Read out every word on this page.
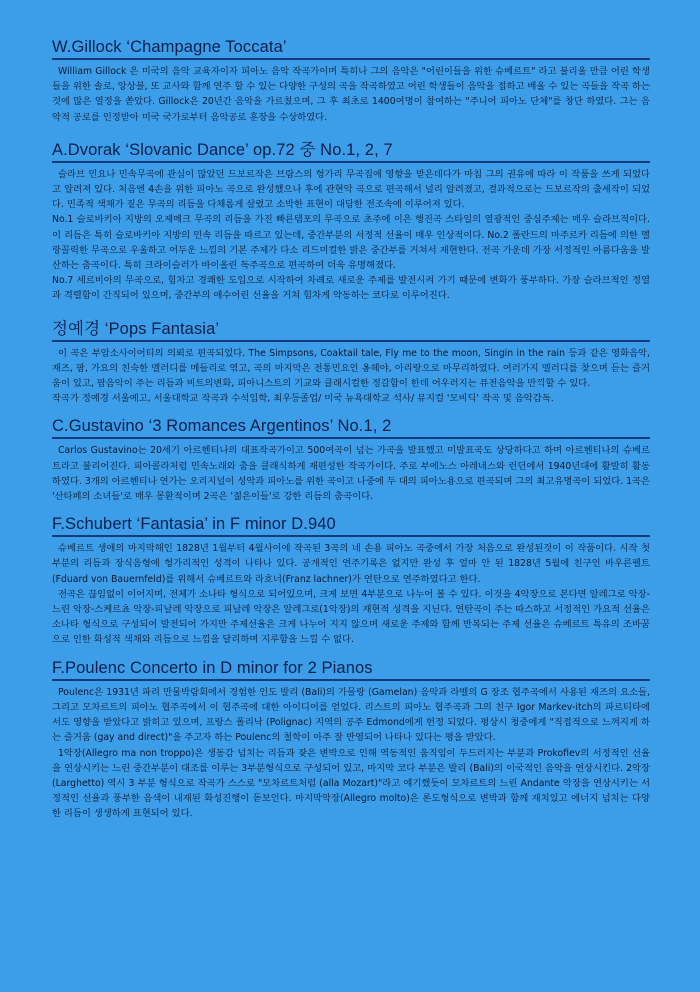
W.Gillock ‘Champagne Toccata’

William Gillock 은 미국의 음악 교육자이자 피아노 음악 작곡가이며 특히나 그의 음악은 "어린이들을 위한 슈베르트" 라고 불리울 만큼 어린 학생들을 위한 솔로, 앙상블, 또 교사와 함께 연주 할 수 있는 다양한 구성의 곡을 작곡하였고 어린 학생들이 음악을 접하고 배울 수 있는 곡들을 작곡 하는 것에 많은 열정을 쏟았다. Gillock은 20년간 음악을 가르쳤으며, 그 후 최초로 1400여명이 참여하는 "주니어 피아노 단체"를 창단 하였다. 그는 음악적 공로를 인정받아 미국 국가로부터 음악공로 훈장을 수상하였다.

A.Dvorak ‘Slovanic Dance’ op.72 중 No.1, 2, 7

슬라브 민요나 민속무곡에 관심이 많았던 드보르작은 브람스의 헝가리 무곡집에 영향을 받은데다가 마침 그의 권유에 따라 이 작품을 쓰게 되었다고 알려져 있다. 처음엔 4손을 위한 피아노 곡으로 완성했으나 후에 관현악 곡으로 편곡해서 널리 알려졌고, 결과적으로는 드보르작의 출세작이 되었다. 민족적 색채가 짙은 무곡의 리듬을 다채롭게 살렸고 소박한 표현이 대담한 전조속에 이루어져 있다.

No.1 슬로바키아 지방의 오제메크 무곡의 리듬을 가진 빠른템포의 무곡으로 초주에 이은 행진곡 스타일의 열광적인 중심주제는 매우 슬라브적이다. 이 리듬은 특히 슬로바키아 지방의 민속 리듬을 따르고 있는데, 중간부분의 서정적 선율이 매우 인상적이다. No.2 폴란드의 마주르카 리듬에 의한 멜랑꼴릭한 무곡으로 우울하고 어두운 느낌의 기본 주제가 다소 리드미컬한 밝은 중간부를 거쳐서 재현한다. 전곡 가운데 가장 서정적인 아름다움을 발산하는 춤곡이다. 특히 크라이슬러가 바이올린 독주곡으로 편곡하여 더욱 유명해졌다.

No.7 세르비아의 무곡으로, 힘차고 경쾌한 도입으로 시작하여 차례로 새로운 주제를 발전시켜 가기 때문에 변화가 풍부하다. 가장 슬라브적인 정열과 격렬함이 간직되어 있으며, 중간부의 애수어린 선율을 거쳐 힘차게 약동하는 코다로 이루어진다.

정예경 ‘Pops Fantasia’

이 곡은 부암소사이어티의 의뢰로 편곡되었다. The Simpsons, Coaktail tale, Fly me to the moon, Singin in the rain 등과 같은 영화음악, 재즈, 팝, 가요의 친숙한 멜러디를 메들리로 엮고, 곡의 마지막은 전통민요인 옹헤야, 아리랑으로 마무리하였다. 여러가지 멜러디를 찾으며 듣는 즐거움이 있고, 팝음악이 주는 리듬과 비트의변화, 피아니스트의 기교와 클래시컬한 정갈함이 한데 어우러지는 퓨전음악을 만끽할 수 있다.

작곡가 정예경 서울예고, 서울대학교 작곡과 수석입학, 최우등졸업/ 미국 뉴욕대학교 석사/ 뮤지컬 '모비딕' 작곡 및 음악감독.

C.Gustavino ‘3 Romances Argentinos’ No.1, 2

Carlos Gustavino는 20세기 아르헨티나의 대표작곡가이고 500여곡이 넘는 가곡을 발표했고 미발표곡도 상당하다고 하며 아르헨티나의 슈베르트라고 불리어진다. 피아콜라처럼 민속노래와 춤을 클래식하게 재편성한 작곡가이다. 주로 부에노스 아레네스와 런던에서 1940년대에 활발히 활동하였다. 3개의 아르헨티나 연가는 오리지널이 성악과 피아노를 위한 곡이고 나중에 두 대의 피아노용으로 편곡되며 그의 최고유명곡이 되었다. 1곡은 '산타페의 소녀들'로 매우 몽환적이며 2곡은 '젊은이들'로 강한 리듬의 춤곡이다.

F.Schubert ‘Fantasia’ in F minor D.940

슈베르트 생애의 마지막해인 1828년 1월부터 4월사이에 작곡된 3곡의 네 손용 피아노 곡중에서 가장 처음으로 완성된것이 이 작품이다. 시작 첫 부분의 리듬과 장식음형에 헝가리적인 성격이 나타나 있다. 공개적인 연주기록은 없지만 완성 후 얼마 안 된 1828년 5월에 친구인 바우른펠트(Fduard von Bauernfeld)를 위해서 슈베르트와 라흐너(Franz lachner)가 연탄으로 연주하였다고 한다.

전곡은 끊임없이 이어지며, 전체가 소나타 형식으로 되어있으며, 크게 보면 4부분으로 나누어 볼 수 있다. 이것을 4악장으로 본다면 알레그로 악장-느린 악장-스케르쵸 악장-피날레 악장으로 피날레 악장은 알레그로(1악장)의 재현적 성격을 지닌다. 연탄곡이 주는 따스하고 서정적인 가요적 선율은 소나타 형식으로 구성되어 발전되어 가지만 주제선율은 크게 나누어 지지 않으며 새로운 주제와 함께 반복되는 주제 선율은 슈베르트 특유의 조바꿈으로 인한 화성적 색채와 리듬으로 느낌을 달리하며 지루함을 느낄 수 없다.

F.Poulenc Concerto in D minor for 2 Pianos

Poulenc은 1931년 파리 만물박람회에서 경험한 인도 발리 (Bali)의 가믈랑 (Gamelan) 음악과 라벨의 G 장조 협주곡에서 사용된 재즈의 요소들, 그리고 모차르트의 피아노 협주곡에서 이 협주곡에 대한 아이디어를 얻었다. 리스트의 피아노 협주곡과 그의 친구 Igor Markev-itch의 파르티타에서도 영향을 받았다고 밝히고 있으며, 프랑스 폴리낙 (Polignac) 지역의 공주 Edmond에게 헌정 되었다. 평상시 청중에게 "직접적으로 느껴지게 하는 즐거움 (gay and direct)"을 주고자 하는 Poulenc의 철학이 아주 잘 반영되어 나타나 있다는 평을 받았다.

1악장(Allegro ma non troppo)은 생동감 넘치는 리듬과 잦은 변박으로 인해 역동적인 움직임이 두드러지는 부분과 Prokofiev의 서정적인 선율을 연상시키는 느린 중간부분이 대조를 이루는 3부분형식으로 구성되어 있고, 마지막 코다 부분은 발리 (Bali)의 이국적인 음악을 연상시킨다. 2악장(Larghetto) 역시 3 부분 형식으로 작곡가 스스로 "모차르트처럼 (alla Mozart)"라고 얘기했듯이 모차르트의 느린 Andante 악장을 연상시키는 서정적인 선율과 풍부한 음색이 내재된 화성진행이 돋보인다. 마지막악장(Allegro molto)은 론도형식으로 변박과 함께 재치있고 에너지 넘치는 다양한 리듬이 생생하게 표현되어 있다.
